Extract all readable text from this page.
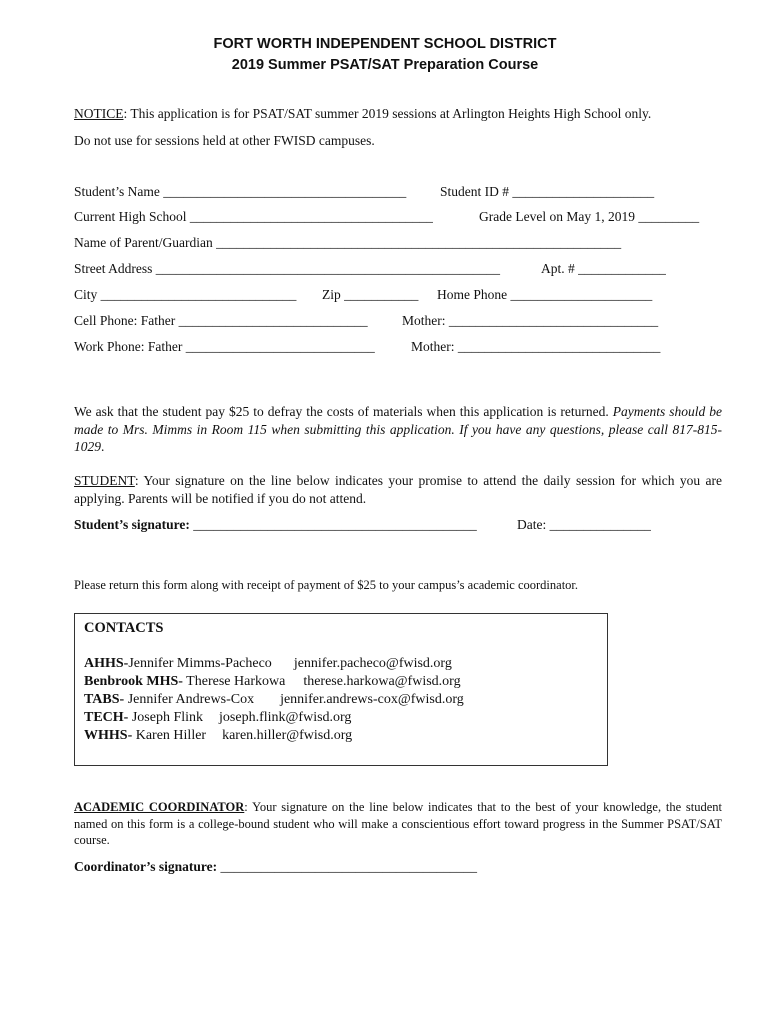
FORT WORTH INDEPENDENT SCHOOL DISTRICT
2019 Summer PSAT/SAT Preparation Course
NOTICE: This application is for PSAT/SAT summer 2019 sessions at Arlington Heights High School only.
Do not use for sessions held at other FWISD campuses.
Student’s Name ____________________________________	Student ID # _____________________
Current High School ____________________________________	Grade Level on May 1, 2019 _________
Name of Parent/Guardian ____________________________________________________________
Street Address ___________________________________________________	Apt. # _____________
City _____________________________ Zip ___________ Home Phone _____________________
Cell Phone: Father ____________________________	Mother: _______________________________
Work Phone: Father ____________________________	Mother: ______________________________
We ask that the student pay $25 to defray the costs of materials when this application is returned. Payments should be made to Mrs. Mimms in Room 115 when submitting this application. If you have any questions, please call 817-815-1029.
STUDENT: Your signature on the line below indicates your promise to attend the daily session for which you are applying. Parents will be notified if you do not attend.
Student’s signature: __________________________________________	Date: _______________
Please return this form along with receipt of payment of $25 to your campus’s academic coordinator.
CONTACTS
AHHS-Jennifer Mimms-Pacheco jennifer.pacheco@fwisd.org
Benbrook MHS- Therese Harkowa therese.harkowa@fwisd.org
TABS- Jennifer Andrews-Cox jennifer.andrews-cox@fwisd.org
TECH- Joseph Flink joseph.flink@fwisd.org
WHHS- Karen Hiller karen.hiller@fwisd.org
ACADEMIC COORDINATOR: Your signature on the line below indicates that to the best of your knowledge, the student named on this form is a college-bound student who will make a conscientious effort toward progress in the Summer PSAT/SAT course.
Coordinator’s signature: ______________________________________
